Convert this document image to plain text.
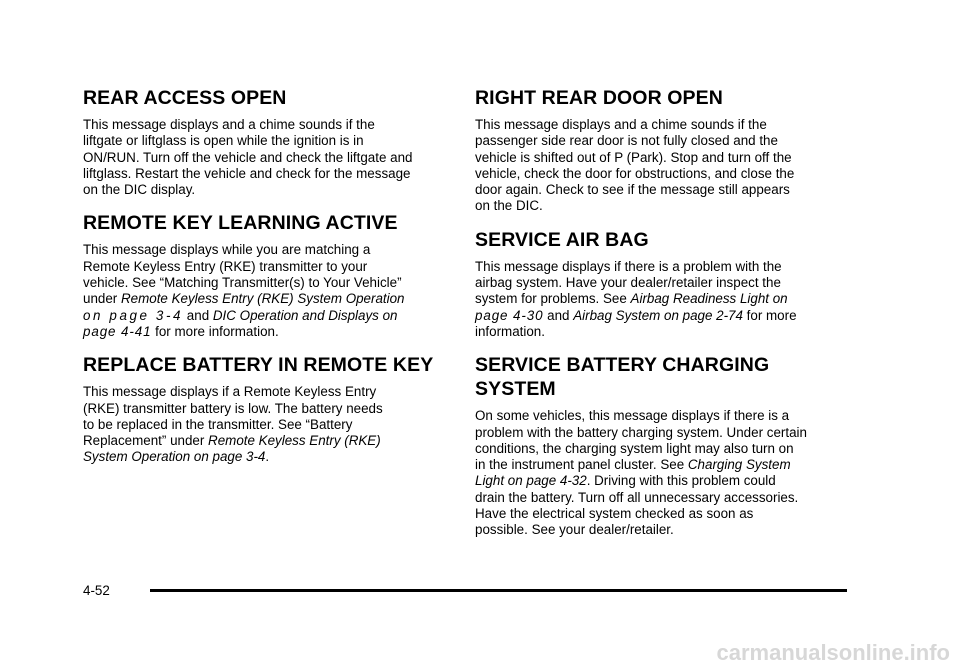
REAR ACCESS OPEN

This message displays and a chime sounds if the
liftgate or liftglass is open while the ignition is in
ON/RUN. Turn off the vehicle and check the liftgate and
liftglass. Restart the vehicle and check for the message
on the DIC display.

REMOTE KEY LEARNING ACTIVE

This message displays while you are matching a
Remote Keyless Entry (RKE) transmitter to your
vehicle. See “Matching Transmitter(s) to Your Vehicle”
under Remote Keyless Entry (RKE) System Operation
on page 3-4 and DIC Operation and Displays on
page 4-41 for more information.

REPLACE BATTERY IN REMOTE KEY

This message displays if a Remote Keyless Entry
(RKE) transmitter battery is low. The battery needs
to be replaced in the transmitter. See “Battery
Replacement” under Remote Keyless Entry (RKE)
System Operation on page 3-4.

RIGHT REAR DOOR OPEN

This message displays and a chime sounds if the
passenger side rear door is not fully closed and the
vehicle is shifted out of P (Park). Stop and turn off the
vehicle, check the door for obstructions, and close the
door again. Check to see if the message still appears
on the DIC.

SERVICE AIR BAG

This message displays if there is a problem with the
airbag system. Have your dealer/retailer inspect the
system for problems. See Airbag Readiness Light on
page 4-30 and Airbag System on page 2-74 for more
information.

SERVICE BATTERY CHARGING
SYSTEM

On some vehicles, this message displays if there is a
problem with the battery charging system. Under certain
conditions, the charging system light may also turn on
in the instrument panel cluster. See Charging System
Light on page 4-32. Driving with this problem could
drain the battery. Turn off all unnecessary accessories.
Have the electrical system checked as soon as
possible. See your dealer/retailer.

4-52
carmanualsonline.info
